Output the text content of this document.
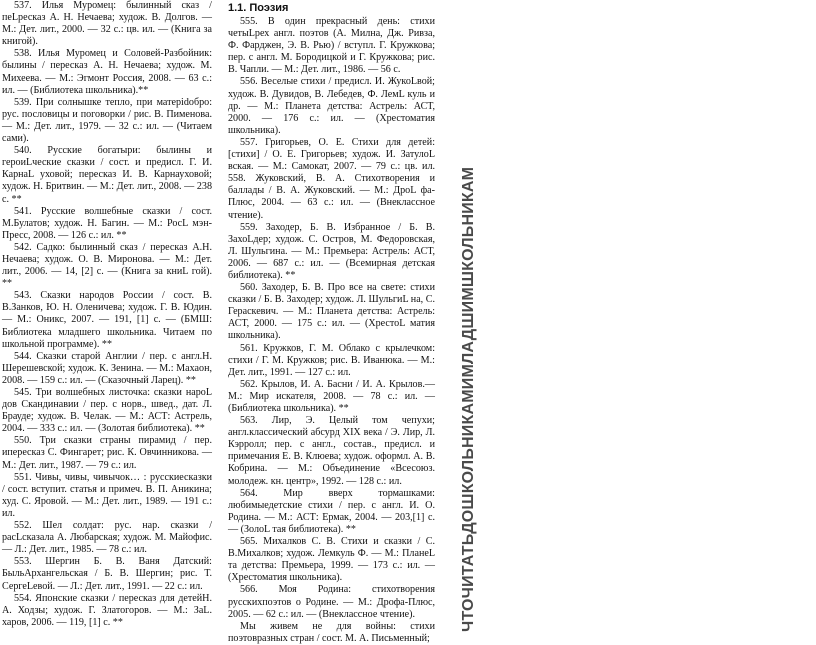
537. Илья Муромец: былинный сказ / пеLресказ А. Н. Нечаева; худож. В. Долгов. — М.: Дет. лит., 2000. — 32 с.: цв. ил. — (Книга за книгой).

538. Илья Муромец и Соловей-Разбойник: былины / пересказ А. Н. Нечаева; худож. М. Михеева. — М.: Эгмонт Россия, 2008. — 63 с.: ил. — (Библиотека школьника).**

539. При солнышке тепло, при матерidобро: рус. пословицы и поговорки / рис. В. Пименова. — М.: Дет. лит., 1979. — 32 с.: ил. — (Читаем сами).

540. Русские богатыри: былины и героиLческие сказки / сост. и предисл. Г. И. КарнаL уховой; пересказ И. В. Карнауховой; худож. Н. Бритвин. — М.: Дет. лит., 2008. — 238 с. **

541. Русские волшебные сказки / сост. М.Булатов; худож. Н. Багин. — М.: РосL мэн-Пресс, 2008. — 126 с.: ил. **

542. Садко: былинный сказ / пересказ А.Н. Нечаева; худож. О. В. Миронова. — М.: Дет. лит., 2006. — 14, [2] с. — (Книга за книL гой). **

543. Сказки народов России / сост. В. В.Занков, Ю. Н. Оленичева; худож. Г. В. Юдин. — М.: Оникс, 2007. — 191, [1] с. — (БМШ: Библиотека младшего школьника. Читаем по школьной программе). **

544. Сказки старой Англии / пер. с англ.Н. Шерешевской; худож. К. Зенина. — М.: Махаон, 2008. — 159 с.: ил. — (Сказочный Ларец). **

545. Три волшебных листочка: сказки нароL дов Скандинавии / пер. с норв., швед., дат. Л. Брауде; худож. В. Челак. — М.: АСТ: Астрель, 2004. — 333 с.: ил. — (Золотая библиотека). **

550. Три сказки страны пирамид / пер. ипересказ С. Фингарет; рис. К. Овчинникова. — М.: Дет. лит., 1987. — 79 с.: ил.

551. Чивы, чивы, чивычок… : русскиесказки / сост. вступит. статья и примеч. В. П. Аникина; худ. С. Яровой. — М.: Дет. лит., 1989. — 191 с.: ил.

552. Шел солдат: рус. нар. сказки / расLсказала А. Любарская; худож. М. Майофис. — Л.: Дет. лит., 1985. — 78 с.: ил.

553. Шергин Б. В. Ваня Датский: БыльАрхангельская / Б. В. Шергин; рис. Т. СергеLевой. — Л.: Дет. лит., 1991. — 22 с.: ил.

554. Японские сказки / пересказ для детейН. А. Ходзы; худож. Г. Златогоров. — М.: ЗаL. харов, 2006. — 119, [1] с. **

1.1. Поэзия

555. В один прекрасный день: стихи четыLрех англ. поэтов (А. Милна, Дж. Ривза, Ф. Фарджен, Э. В. Рью) / вступл. Г. Кружкова; пер. с англ. М. Бородицкой и Г. Кружкова; рис. В. Чапли. — М.: Дет. лит., 1986. — 56 с.

556. Веселые стихи / предисл. И. ЖукоLвой; худож. В. Дувидов, В. Лебедев, Ф. ЛемL куль и др. — М.: Планета детства: Астрель: АСТ, 2000. — 176 с.: ил. — (Хрестоматия школьника).

557. Григорьев, О. Е. Стихи для детей: [стихи] / О. Е. Григорьев; худож. И. ЗатулоL вская. — М.: Самокат, 2007. — 79 с.: цв. ил. 558. Жуковский, В. А. Стихотворения и баллады / В. А. Жуковский. — М.: ДроL фа-Плюс, 2004. — 63 с.: ил. — (Внеклассное чтение).

559. Заходер, Б. В. Избранное / Б. В. ЗахоLдер; худож. С. Остров, М. Федоровская, Л. Шульгина. — М.: Премьера: Астрель: АСТ, 2006. — 687 с.: ил. — (Всемирная детская библиотека). **

560. Заходер, Б. В. Про все на свете: стихи сказки / Б. В. Заходер; худож. Л. ШульгиL на, С. Гераскевич. — М.: Планета детства: Астрель: АСТ, 2000. — 175 с.: ил. — (ХрестоL матия школьника).

561. Кружков, Г. М. Облако с крылечком: стихи / Г. М. Кружков; рис. В. Иванюка. — М.: Дет. лит., 1991. — 127 с.: ил.

562. Крылов, И. А. Басни / И. А. Крылов.— М.: Мир искателя, 2008. — 78 с.: ил. — (Библиотека школьника). **

563. Лир, Э. Целый том чепухи; англ.классический абсурд XIX века / Э. Лир, Л. Кэрролл; пер. с англ., состав., предисл. и примечания Е. В. Клюева; худож. оформл. А. В. Кобрина. — М.: Объединение «Всесоюз. молодеж. кн. центр», 1992. — 128 с.: ил.

564. Мир вверх тормашками: любимыедетские стихи / пер. с англ. И. О. Родина. — М.: АСТ: Ермак, 2004. — 203,[1] с. — (ЗолоL тая библиотека). **

565. Михалков С. В. Стихи и сказки / С. В.Михалков; худож. Лемкуль Ф. — М.: ПланеL та детства: Премьера, 1999. — 173 с.: ил. — (Хрестоматия школьника).

566. Моя Родина: стихотворения русскихпоэтов о Родине. — М.: Дрофа-Плюс, 2005. — 62 с.: ил. — (Внеклассное чтение).

Мы живем не для войны: стихи поэтовразных стран / сост. М. А. Письменный;

ЧТОЧИТАТЬДОШКОЛЬНИКАМИМЛАДШИМШКОЛЬНИКАМ
